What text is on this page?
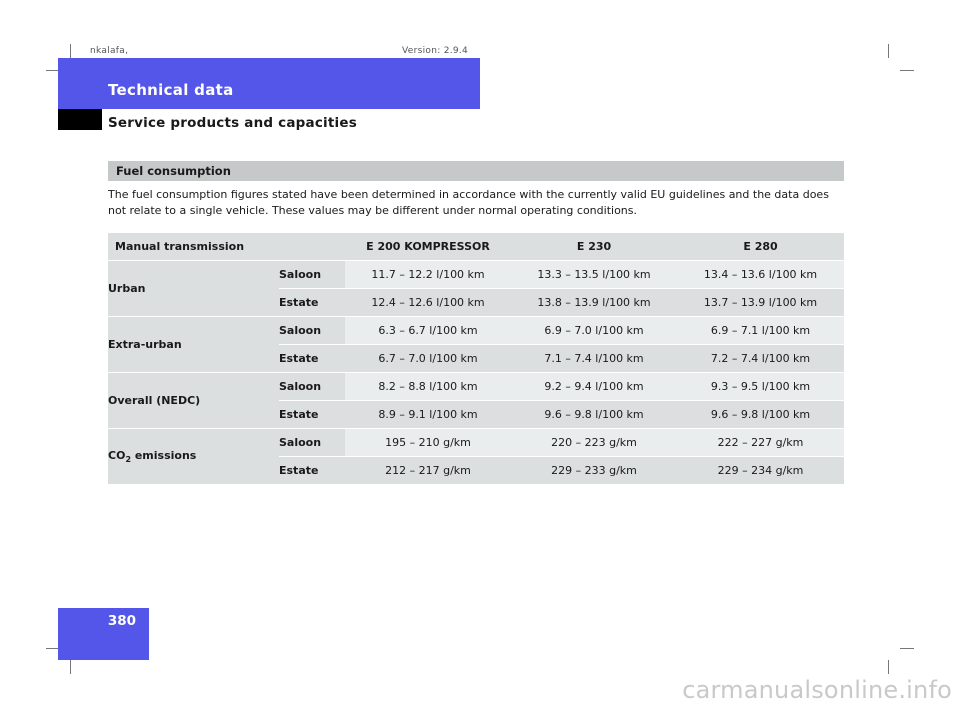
nkalafa,	Version: 2.9.4
Technical data
Service products and capacities
Fuel consumption
The fuel consumption figures stated have been determined in accordance with the currently valid EU guidelines and the data does not relate to a single vehicle. These values may be different under normal operating conditions.
Manual transmission		E 200 KOMPRESSOR	E 230	E 280
Urban	Saloon	11.7 – 12.2 l/100 km	13.3 – 13.5 l/100 km	13.4 – 13.6 l/100 km
	Estate	12.4 – 12.6 l/100 km	13.8 – 13.9 l/100 km	13.7 – 13.9 l/100 km
Extra-urban	Saloon	6.3 – 6.7 l/100 km	6.9 – 7.0 l/100 km	6.9 – 7.1 l/100 km
	Estate	6.7 – 7.0 l/100 km	7.1 – 7.4 l/100 km	7.2 – 7.4 l/100 km
Overall (NEDC)	Saloon	8.2 – 8.8 l/100 km	9.2 – 9.4 l/100 km	9.3 – 9.5 l/100 km
	Estate	8.9 – 9.1 l/100 km	9.6 – 9.8 l/100 km	9.6 – 9.8 l/100 km
$CO_2$ emissions	Saloon	195 – 210 g/km	220 – 223 g/km	222 – 227 g/km
	Estate	212 – 217 g/km	229 – 233 g/km	229 – 234 g/km
380
carmanualsonline.info
